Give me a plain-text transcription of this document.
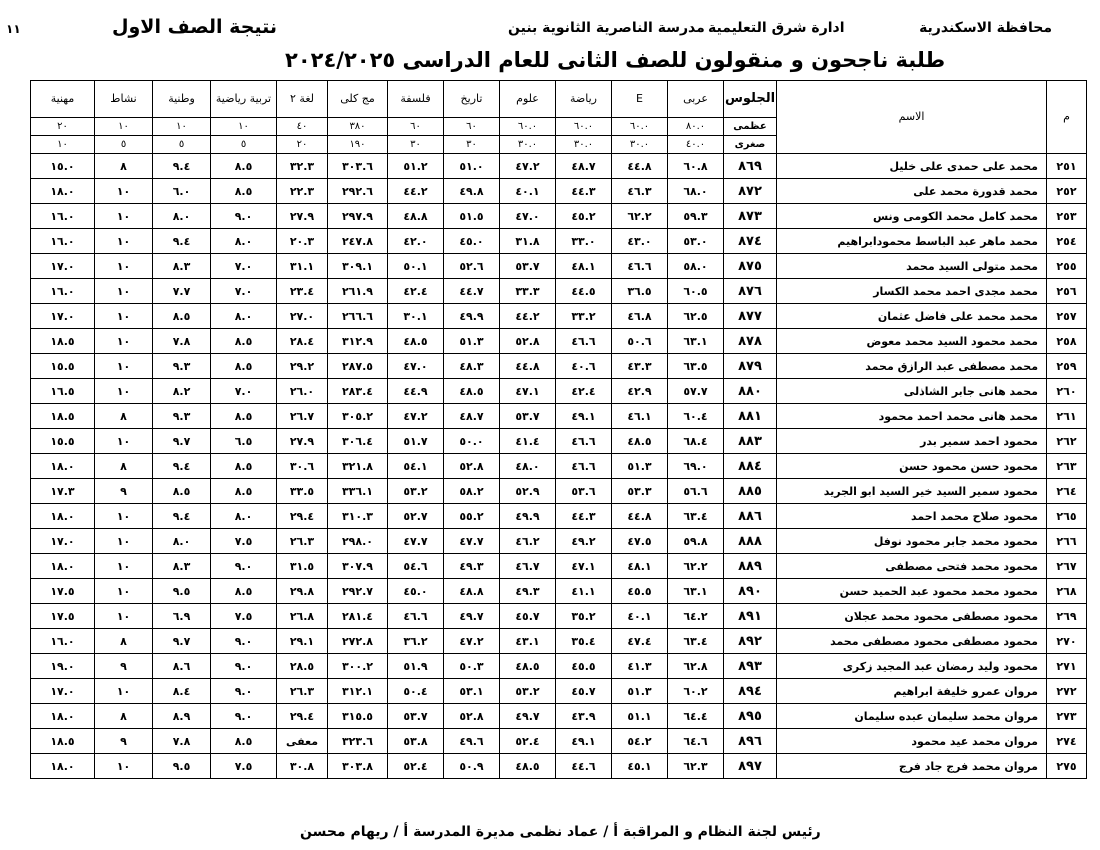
١١	نتيجة الصف الاول	مدرسة الناصرية الثانوية بنين ادارة شرق التعليمية	محافظة الاسكندرية
طلبة ناجحون و منقولون للصف الثانى للعام الدراسى ٢٠٢٤/٢٠٢٥
م	الاسم	الجلوس	عربى	E	رياضة	علوم	تاريخ	فلسفة	مج كلى	لغة ٢	تربية رياضية	وطنية	نشاط	مهنية
		عظمى	٨٠.٠	٦٠.٠	٦٠.٠	٦٠.٠	٦٠	٦٠	٣٨٠	٤٠	١٠	١٠	١٠	٢٠
		صغرى	٤٠.٠	٣٠.٠	٣٠.٠	٣٠.٠	٣٠	٣٠	١٩٠	٢٠	٥	٥	٥	١٠
٢٥١	محمد على حمدى على خليل	٨٦٩	٦٠.٨	٤٤.٨	٤٨.٧	٤٧.٢	٥١.٠	٥١.٢	٣٠٣.٦	٣٢.٣	٨.٥	٩.٤	٨	١٥.٠
٢٥٢	محمد قدورة محمد على	٨٧٢	٦٨.٠	٤٦.٣	٤٤.٣	٤٠.١	٤٩.٨	٤٤.٢	٢٩٢.٦	٢٢.٣	٨.٥	٦.٠	١٠	١٨.٠
٢٥٣	محمد كامل محمد الكومى ونس	٨٧٣	٥٩.٣	٦٢.٢	٤٥.٢	٤٧.٠	٥١.٥	٤٨.٨	٢٩٧.٩	٢٧.٩	٩.٠	٨.٠	١٠	١٦.٠
٢٥٤	محمد ماهر عبد الباسط محمودابراهيم	٨٧٤	٥٣.٠	٤٣.٠	٣٣.٠	٣١.٨	٤٥.٠	٤٢.٠	٢٤٧.٨	٢٠.٣	٨.٠	٩.٤	١٠	١٦.٠
٢٥٥	محمد متولى السيد محمد	٨٧٥	٥٨.٠	٤٦.٦	٤٨.١	٥٣.٧	٥٢.٦	٥٠.١	٣٠٩.١	٣١.١	٧.٠	٨.٣	١٠	١٧.٠
٢٥٦	محمد مجدى احمد محمد الكسار	٨٧٦	٦٠.٥	٣٦.٥	٤٤.٥	٣٣.٣	٤٤.٧	٤٢.٤	٢٦١.٩	٢٣.٤	٧.٠	٧.٧	١٠	١٦.٠
٢٥٧	محمد محمد على فاضل عثمان	٨٧٧	٦٢.٥	٤٦.٨	٣٣.٢	٤٤.٢	٤٩.٩	٣٠.١	٢٦٦.٦	٢٧.٠	٨.٠	٨.٥	١٠	١٧.٠
٢٥٨	محمد محمود السيد محمد معوض	٨٧٨	٦٣.١	٥٠.٦	٤٦.٦	٥٢.٨	٥١.٣	٤٨.٥	٣١٢.٩	٢٨.٤	٨.٥	٧.٨	١٠	١٨.٥
٢٥٩	محمد مصطفى عبد الرازق محمد	٨٧٩	٦٣.٥	٤٣.٣	٤٠.٦	٤٤.٨	٤٨.٣	٤٧.٠	٢٨٧.٥	٢٩.٢	٨.٥	٩.٣	١٠	١٥.٥
٢٦٠	محمد هانى جابر الشاذلى	٨٨٠	٥٧.٧	٤٢.٩	٤٢.٤	٤٧.١	٤٨.٥	٤٤.٩	٢٨٣.٤	٢٦.٠	٧.٠	٨.٢	١٠	١٦.٥
٢٦١	محمد هانى محمد احمد محمود	٨٨١	٦٠.٤	٤٦.١	٤٩.١	٥٣.٧	٤٨.٧	٤٧.٢	٣٠٥.٢	٢٦.٧	٨.٥	٩.٣	٨	١٨.٥
٢٦٢	محمود احمد سمير بدر	٨٨٣	٦٨.٤	٤٨.٥	٤٦.٦	٤١.٤	٥٠.٠	٥١.٧	٣٠٦.٤	٢٧.٩	٦.٥	٩.٧	١٠	١٥.٥
٢٦٣	محمود حسن محمود حسن	٨٨٤	٦٩.٠	٥١.٣	٤٦.٦	٤٨.٠	٥٢.٨	٥٤.١	٣٢١.٨	٣٠.٦	٨.٥	٩.٤	٨	١٨.٠
٢٦٤	محمود سمير السيد خير السيد ابو الجريد	٨٨٥	٥٦.٦	٥٣.٣	٥٣.٦	٥٢.٩	٥٨.٢	٥٣.٢	٣٣٦.١	٣٣.٥	٨.٥	٨.٥	٩	١٧.٣
٢٦٥	محمود صلاح محمد احمد	٨٨٦	٦٣.٤	٤٤.٨	٤٤.٣	٤٩.٩	٥٥.٢	٥٢.٧	٣١٠.٣	٢٩.٤	٨.٠	٩.٤	١٠	١٨.٠
٢٦٦	محمود محمد جابر محمود نوفل	٨٨٨	٥٩.٨	٤٧.٥	٤٩.٢	٤٦.٢	٤٧.٧	٤٧.٧	٢٩٨.٠	٢٦.٣	٧.٥	٨.٠	١٠	١٧.٠
٢٦٧	محمود محمد فتحى مصطفى	٨٨٩	٦٢.٢	٤٨.١	٤٧.١	٤٦.٧	٤٩.٣	٥٤.٦	٣٠٧.٩	٣١.٥	٩.٠	٨.٣	١٠	١٨.٠
٢٦٨	محمود محمد محمود عبد الحميد حسن	٨٩٠	٦٣.١	٤٥.٥	٤١.١	٤٩.٣	٤٨.٨	٤٥.٠	٢٩٢.٧	٢٩.٨	٨.٥	٩.٥	١٠	١٧.٥
٢٦٩	محمود مصطفى محمود محمد عجلان	٨٩١	٦٤.٢	٤٠.١	٣٥.٢	٤٥.٧	٤٩.٧	٤٦.٦	٢٨١.٤	٢٦.٨	٧.٥	٦.٩	١٠	١٧.٥
٢٧٠	محمود مصطفى محمود مصطفى محمد	٨٩٢	٦٣.٤	٤٧.٤	٣٥.٤	٤٣.١	٤٧.٢	٣٦.٢	٢٧٢.٨	٢٩.١	٩.٠	٩.٧	٨	١٦.٠
٢٧١	محمود وليد رمضان عبد المجيد زكرى	٨٩٣	٦٢.٨	٤١.٣	٤٥.٥	٤٨.٥	٥٠.٣	٥١.٩	٣٠٠.٢	٢٨.٥	٩.٠	٨.٦	٩	١٩.٠
٢٧٢	مروان عمرو خليفة ابراهيم	٨٩٤	٦٠.٢	٥١.٣	٤٥.٧	٥٣.٢	٥٣.١	٥٠.٤	٣١٢.١	٢٦.٣	٩.٠	٨.٤	١٠	١٧.٠
٢٧٣	مروان محمد سليمان عبده سليمان	٨٩٥	٦٤.٤	٥١.١	٤٣.٩	٤٩.٧	٥٢.٨	٥٣.٧	٣١٥.٥	٢٩.٤	٩.٠	٨.٩	٨	١٨.٠
٢٧٤	مروان محمد عيد محمود	٨٩٦	٦٤.٦	٥٤.٢	٤٩.١	٥٢.٤	٤٩.٦	٥٣.٨	٣٢٣.٦	معفى	٨.٥	٧.٨	٩	١٨.٥
٢٧٥	مروان محمد فرج جاد فرج	٨٩٧	٦٢.٣	٤٥.١	٤٤.٦	٤٨.٥	٥٠.٩	٥٢.٤	٣٠٣.٨	٣٠.٨	٧.٥	٩.٥	١٠	١٨.٠
رئيس لجنة النظام و المراقبة أ / عماد نظمى مديرة المدرسة أ / ريهام محسن
